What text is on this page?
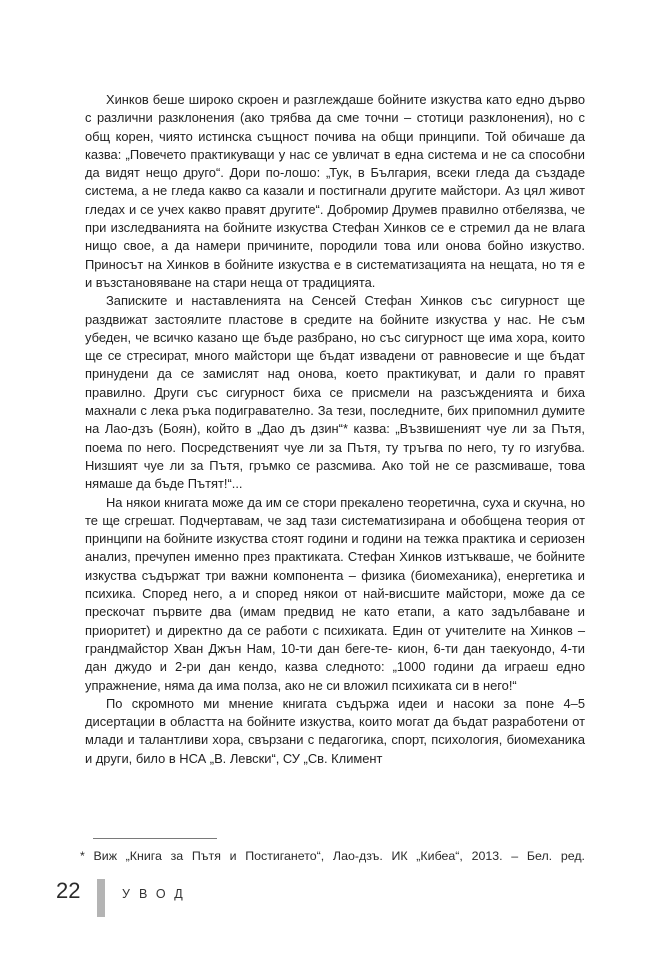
Хинков беше широко скроен и разглеждаше бойните изкуства като едно дърво с различни разклонения (ако трябва да сме точни – стотици разклонения), но с общ корен, чиято истинска същност почива на общи принципи. Той обичаше да казва: „Повечето практикуващи у нас се увличат в една система и не са способни да видят нещо друго“. Дори по-лошо: „Тук, в България, всеки гледа да създаде система, а не гледа какво са казали и постигнали другите майстори. Аз цял живот гледах и се учех какво правят другите“. Добромир Друмев правилно отбелязва, че при изследванията на бойните изкуства Стефан Хинков се е стремил да не влага нищо свое, а да намери причините, породили това или онова бойно изкуство. Приносът на Хинков в бойните изкуства е в систематизацията на нещата, но тя е и възстановяване на стари неща от традицията.

Записките и наставленията на Сенсей Стефан Хинков със сигурност ще раздвижат застоялите пластове в средите на бойните изкуства у нас. Не съм убеден, че всичко казано ще бъде разбрано, но със сигурност ще има хора, които ще се стресират, много майстори ще бъдат извадени от равновесие и ще бъдат принудени да се замислят над онова, което практикуват, и дали го правят правилно. Други със сигурност биха се присмели на разсъжденията и биха махнали с лека ръка подигравателно. За тези, последните, бих припомнил думите на Лао-дзъ (Боян), който в „Дао дъ дзин“* казва: „Възвишеният чуе ли за Пътя, поема по него. Посредственият чуе ли за Пътя, ту тръгва по него, ту го изгубва. Низшият чуе ли за Пътя, гръмко се разсмива. Ако той не се разсмиваше, това нямаше да бъде Пътят!“...

На някои книгата може да им се стори прекалено теоретична, суха и скучна, но те ще сгрешат. Подчертавам, че зад тази систематизирана и обобщена теория от принципи на бойните изкуства стоят години и години на тежка практика и сериозен анализ, пречупен именно през практиката. Стефан Хинков изтъкваше, че бойните изкуства съдържат три важни компонента – физика (биомеханика), енергетика и психика. Според него, а и според някои от най-висшите майстори, може да се прескочат първите два (имам предвид не като етапи, а като задълбаване и приоритет) и директно да се работи с психиката. Един от учителите на Хинков – грандмайстор Хван Джън Нам, 10-ти дан беге-те- кион, 6-ти дан таекуондо, 4-ти дан джудо и 2-ри дан кендо, казва следното: „1000 години да играеш едно упражнение, няма да има полза, ако не си вложил психиката си в него!“

По скромното ми мнение книгата съдържа идеи и насоки за поне 4–5 дисертации в областта на бойните изкуства, които могат да бъдат разработени от млади и талантливи хора, свързани с педагогика, спорт, психология, биомеханика и други, било в НСА „В. Левски“, СУ „Св. Климент

* Виж „Книга за Пътя и Постигането“, Лао-дзъ. ИК „Кибеа“, 2013. – Бел. ред.
22	УВОД
